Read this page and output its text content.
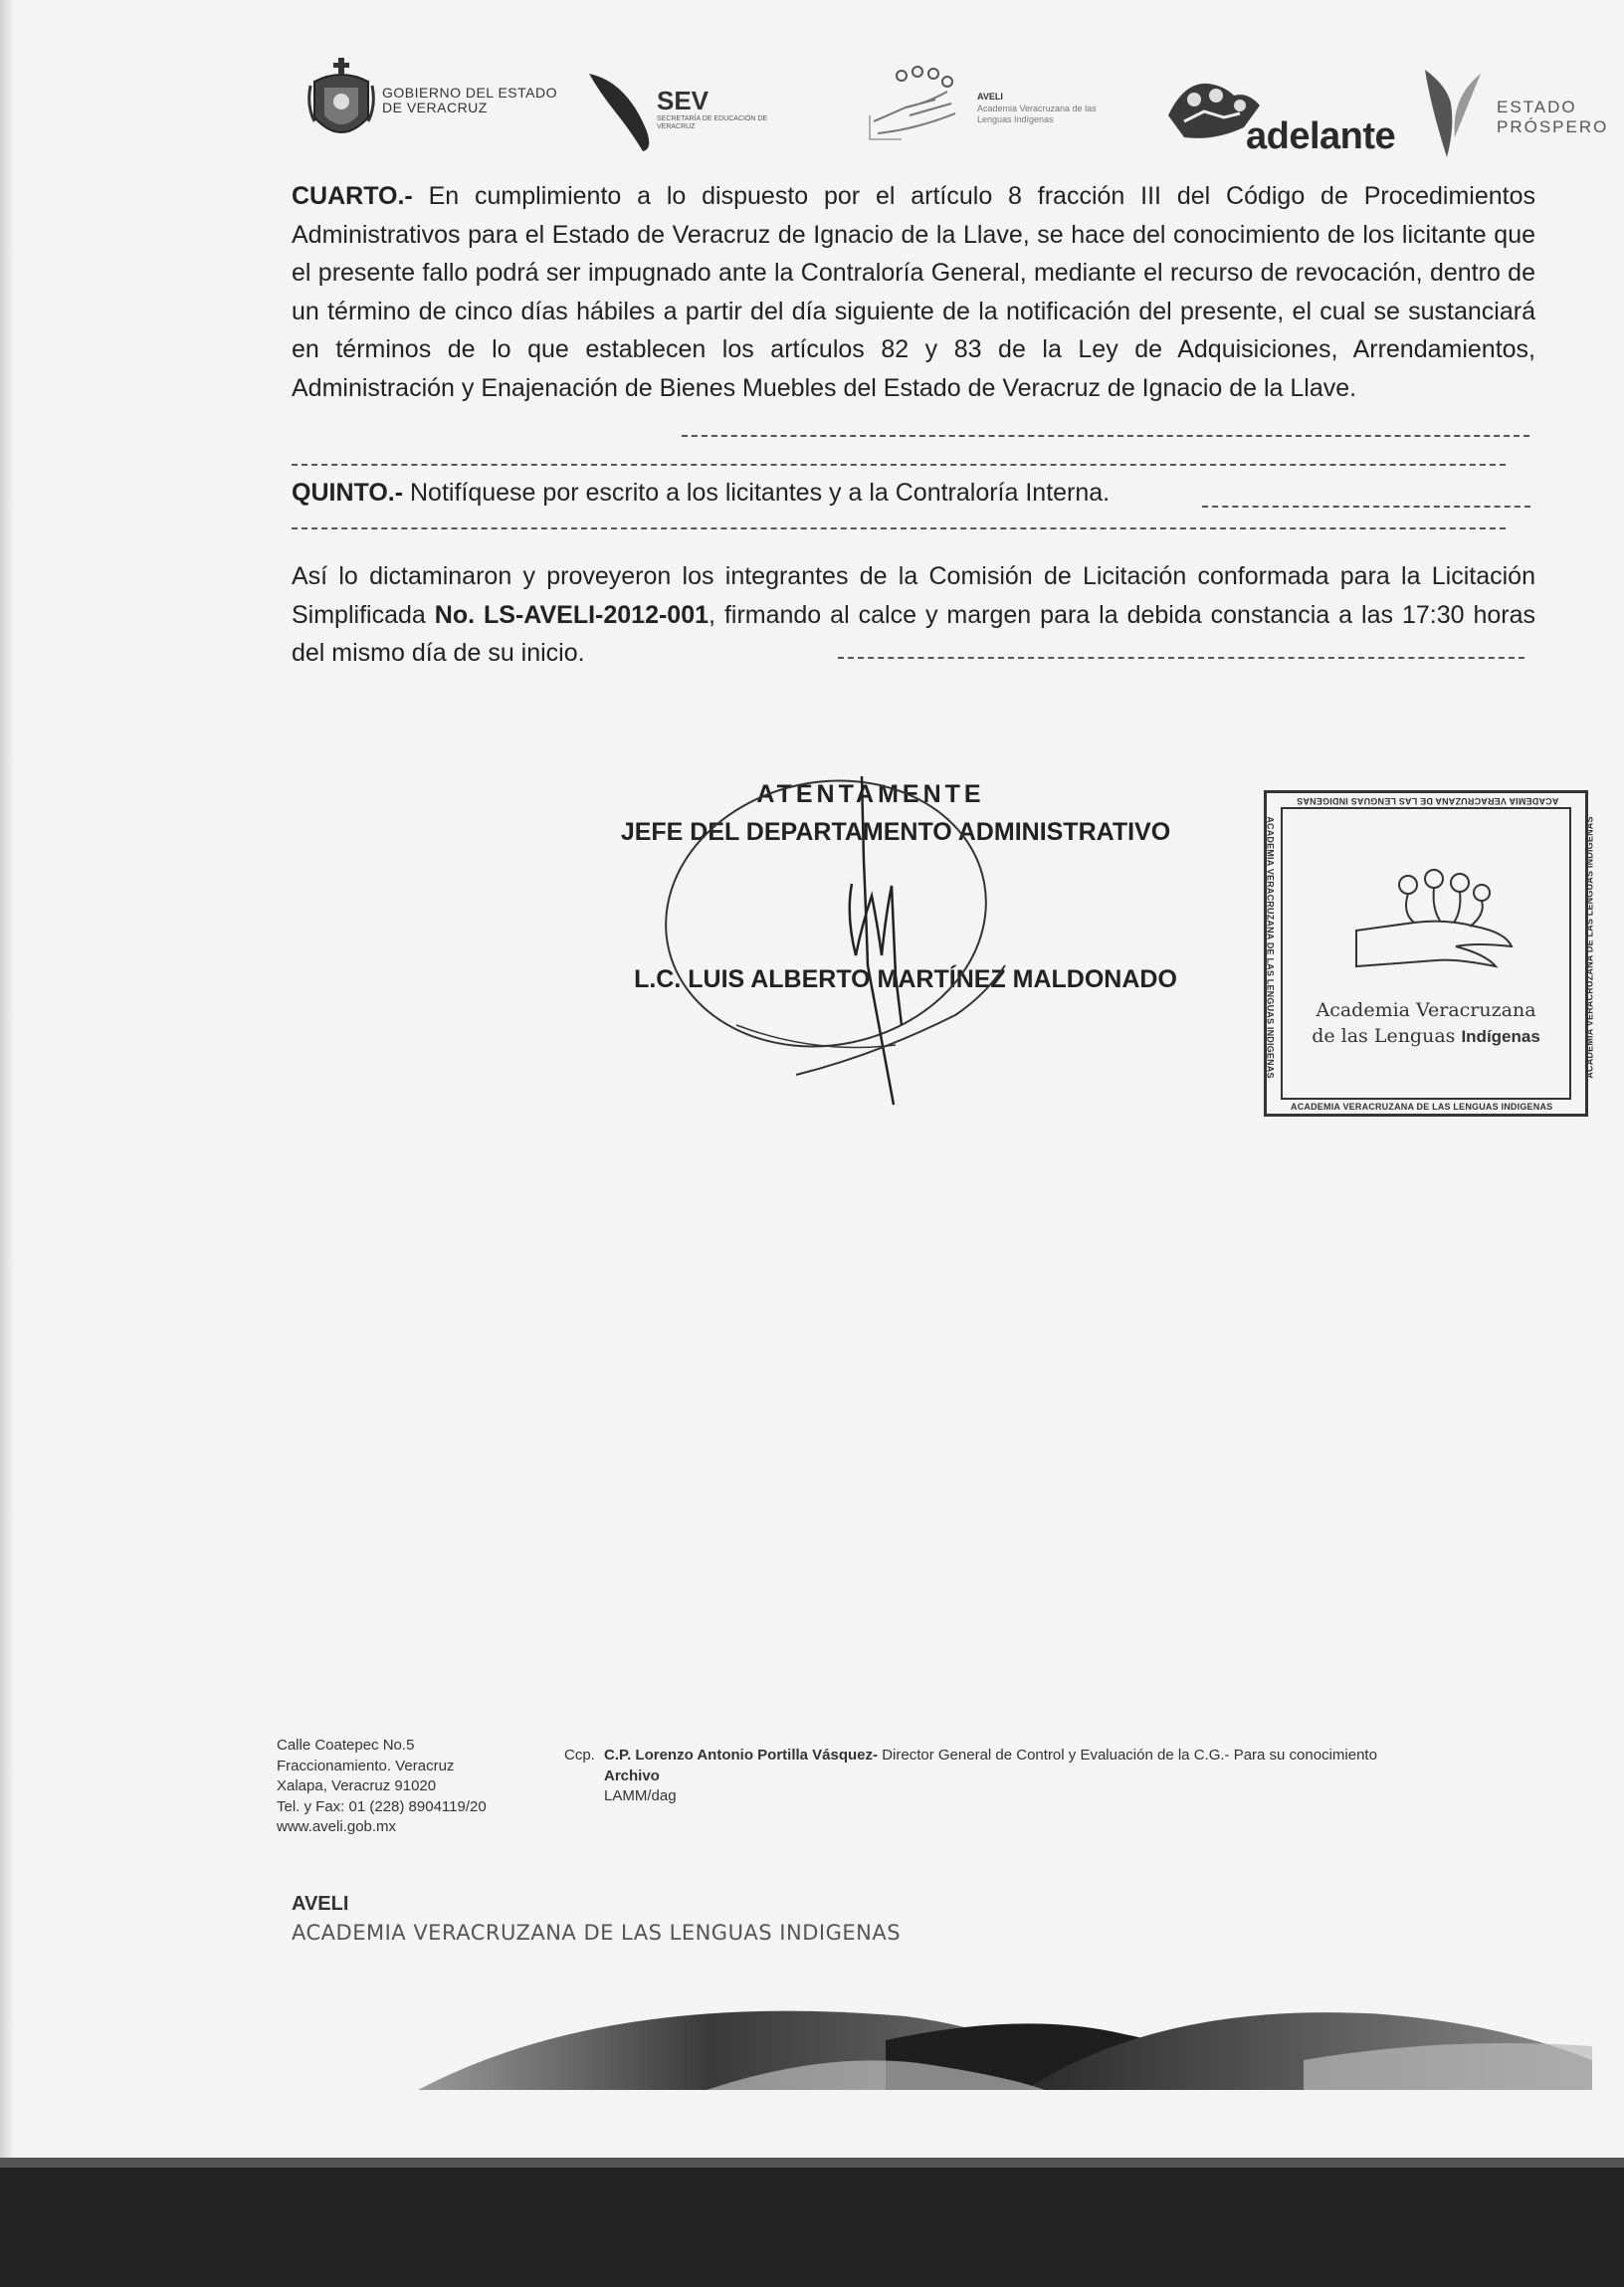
GOBIERNO DEL ESTADO DE VERACRUZ	SEV
SECRETARÍA DE EDUCACIÓN DE VERACRUZ
AVELI
Academia Veracruzana de las Lenguas Indígenas	adelante
ESTADO PRÓSPERO
CUARTO.- En cumplimiento a lo dispuesto por el artículo 8 fracción III del Código de Procedimientos Administrativos para el Estado de Veracruz de Ignacio de la Llave, se hace del conocimiento de los licitante que el presente fallo podrá ser impugnado ante la Contraloría General, mediante el recurso de revocación, dentro de un término de cinco días hábiles a partir del día siguiente de la notificación del presente, el cual se sustanciará en términos de lo que establecen los artículos 82 y 83 de la Ley de Adquisiciones, Arrendamientos, Administración y Enajenación de Bienes Muebles del Estado de Veracruz de Ignacio de la Llave.
QUINTO.- Notifíquese por escrito a los licitantes y a la Contraloría Interna.
Así lo dictaminaron y proveyeron los integrantes de la Comisión de Licitación conformada para la Licitación Simplificada No. LS-AVELI-2012-001, firmando al calce y margen para la debida constancia a las 17:30 horas del mismo día de su inicio.
ATENTAMENTE
JEFE DEL DEPARTAMENTO ADMINISTRATIVO
L.C. LUIS ALBERTO MARTÍNEZ MALDONADO
ACADEMIA VERACRUZANA DE LAS LENGUAS INDIGENAS
ACADEMIA VERACRUZANA DE LAS LENGUAS INDIGENAS	ACADEMIA VERACRUZANA DE LAS LENGUAS INDIGENAS
ACADEMIA VERACRUZANA DE LAS LENGUAS INDIGENAS
Academia Veracruzana
de las Lenguas Indígenas
Calle Coatepec No.5
Fraccionamiento. Veracruz
Xalapa, Veracruz 91020
Tel. y Fax: 01 (228) 8904119/20
www.aveli.gob.mx
Ccp. C.P. Lorenzo Antonio Portilla Vásquez- Director General de Control y Evaluación de la C.G.- Para su conocimiento
Archivo
LAMM/dag
AVELI
ACADEMIA VERACRUZANA DE LAS LENGUAS INDIGENAS
